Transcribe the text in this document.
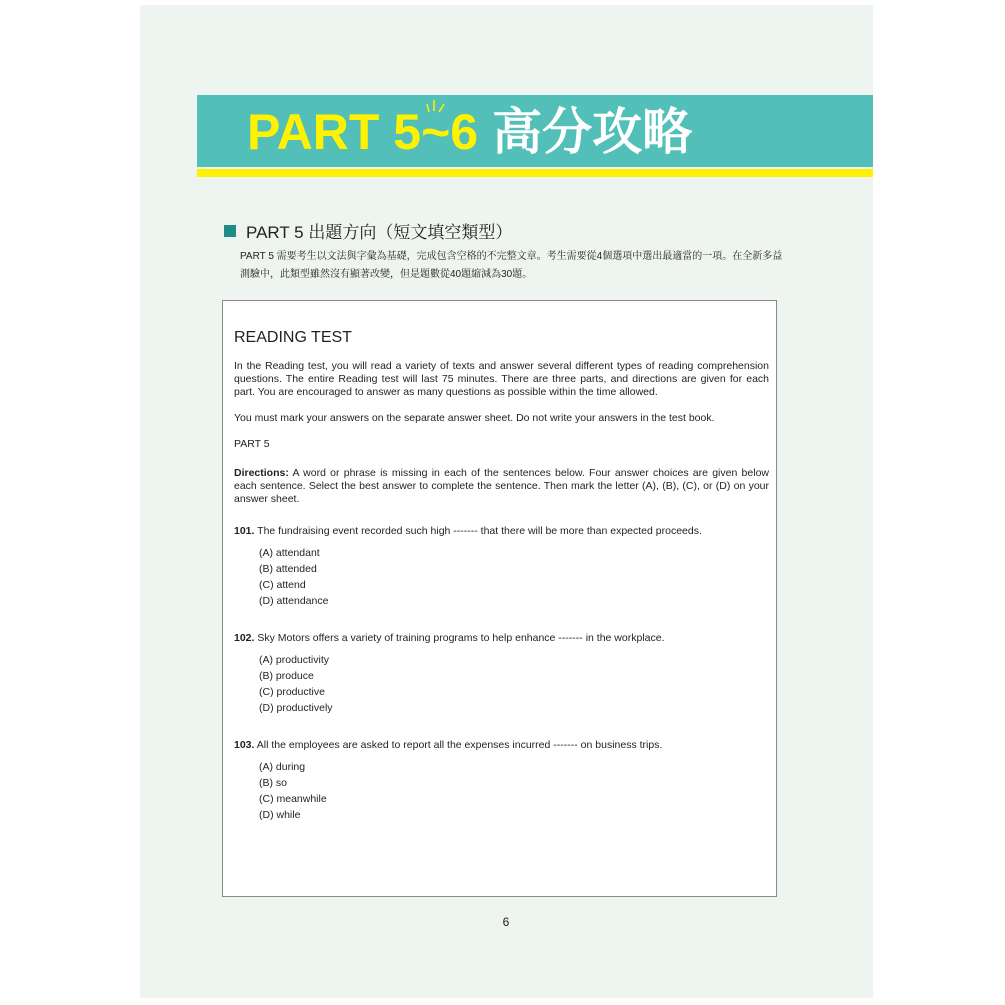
PART 5~6 高分攻略
PART 5 出題方向（短文填空類型）
PART 5 需要考生以文法與字彙為基礎，完成包含空格的不完整文章。考生需要從4個選項中選出最適當的一項。在全新多益測驗中，此類型雖然沒有顯著改變，但是題數從40題縮減為30題。
READING TEST

In the Reading test, you will read a variety of texts and answer several different types of reading comprehension questions. The entire Reading test will last 75 minutes. There are three parts, and directions are given for each part. You are encouraged to answer as many questions as possible within the time allowed.

You must mark your answers on the separate answer sheet. Do not write your answers in the test book.

PART 5

Directions: A word or phrase is missing in each of the sentences below. Four answer choices are given below each sentence. Select the best answer to complete the sentence. Then mark the letter (A), (B), (C), or (D) on your answer sheet.

101. The fundraising event recorded such high ------- that there will be more than expected proceeds.

(A) attendant
(B) attended
(C) attend
(D) attendance

102. Sky Motors offers a variety of training programs to help enhance ------- in the workplace.

(A) productivity
(B) produce
(C) productive
(D) productively

103. All the employees are asked to report all the expenses incurred ------- on business trips.

(A) during
(B) so
(C) meanwhile
(D) while
6
